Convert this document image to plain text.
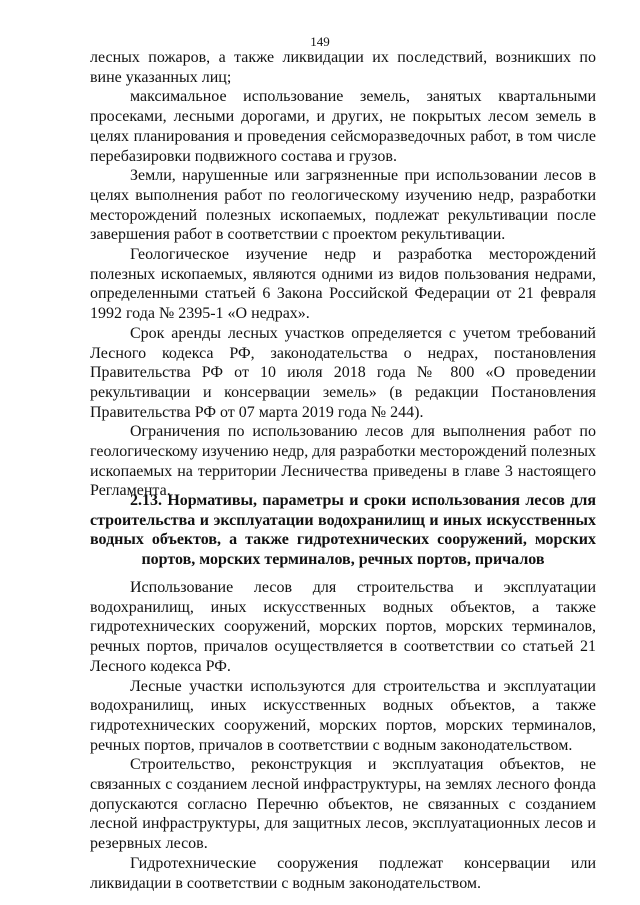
149

лесных пожаров, а также ликвидации их последствий, возникших по вине указанных лиц;

максимальное использование земель, занятых квартальными просеками, лесными дорогами, и других, не покрытых лесом земель в целях планирования и проведения сейсморазведочных работ, в том числе перебазировки подвижного состава и грузов.

Земли, нарушенные или загрязненные при использовании лесов в целях выполнения работ по геологическому изучению недр, разработки месторождений полезных ископаемых, подлежат рекультивации после завершения работ в соответствии с проектом рекультивации.

Геологическое изучение недр и разработка месторождений полезных ископаемых, являются одними из видов пользования недрами, определенными статьей 6 Закона Российской Федерации от 21 февраля 1992 года № 2395-1 «О недрах».

Срок аренды лесных участков определяется с учетом требований Лесного кодекса РФ, законодательства о недрах, постановления Правительства РФ от 10 июля 2018 года № 800 «О проведении рекультивации и консервации земель» (в редакции Постановления Правительства РФ от 07 марта 2019 года № 244).

Ограничения по использованию лесов для выполнения работ по геологическому изучению недр, для разработки месторождений полезных ископаемых на территории Лесничества приведены в главе 3 настоящего Регламента.

2.13. Нормативы, параметры и сроки использования лесов для строительства и эксплуатации водохранилищ и иных искусственных водных объектов, а также гидротехнических сооружений, морских портов, морских терминалов, речных портов, причалов

Использование лесов для строительства и эксплуатации водохранилищ, иных искусственных водных объектов, а также гидротехнических сооружений, морских портов, морских терминалов, речных портов, причалов осуществляется в соответствии со статьей 21 Лесного кодекса РФ.

Лесные участки используются для строительства и эксплуатации водохранилищ, иных искусственных водных объектов, а также гидротехнических сооружений, морских портов, морских терминалов, речных портов, причалов в соответствии с водным законодательством.

Строительство, реконструкция и эксплуатация объектов, не связанных с созданием лесной инфраструктуры, на землях лесного фонда допускаются согласно Перечню объектов, не связанных с созданием лесной инфраструктуры, для защитных лесов, эксплуатационных лесов и резервных лесов.

Гидротехнические сооружения подлежат консервации или ликвидации в соответствии с водным законодательством.
